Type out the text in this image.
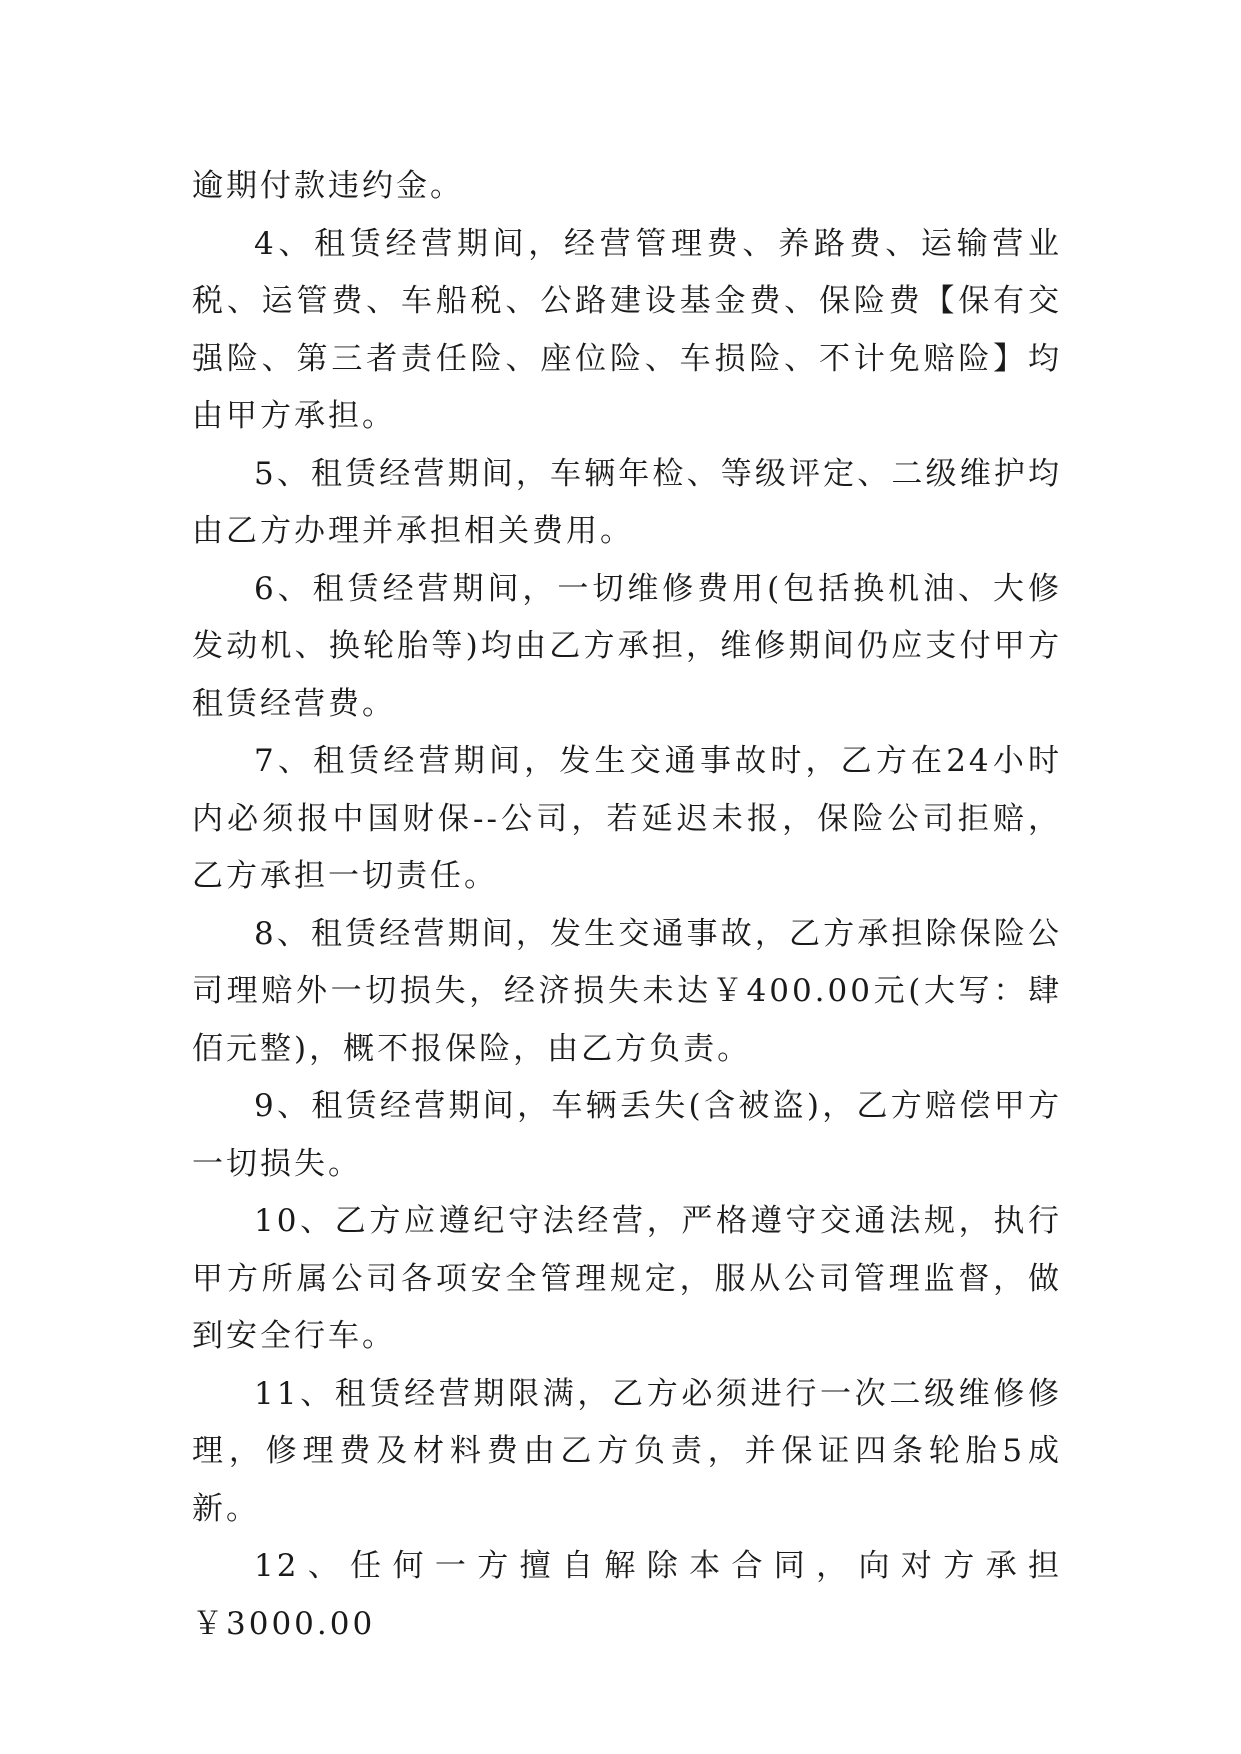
逾期付款违约金。

4、租赁经营期间，经营管理费、养路费、运输营业税、运管费、车船税、公路建设基金费、保险费【保有交强险、第三者责任险、座位险、车损险、不计免赔险】均由甲方承担。

5、租赁经营期间，车辆年检、等级评定、二级维护均由乙方办理并承担相关费用。

6、租赁经营期间，一切维修费用(包括换机油、大修发动机、换轮胎等)均由乙方承担，维修期间仍应支付甲方租赁经营费。

7、租赁经营期间，发生交通事故时，乙方在24小时内必须报中国财保--公司，若延迟未报，保险公司拒赔，乙方承担一切责任。

8、租赁经营期间，发生交通事故，乙方承担除保险公司理赔外一切损失，经济损失未达￥400.00元(大写：肆佰元整)，概不报保险，由乙方负责。

9、租赁经营期间，车辆丢失(含被盗)，乙方赔偿甲方一切损失。

10、乙方应遵纪守法经营，严格遵守交通法规，执行甲方所属公司各项安全管理规定，服从公司管理监督，做到安全行车。

11、租赁经营期限满，乙方必须进行一次二级维修修理，修理费及材料费由乙方负责，并保证四条轮胎5成新。

12、任何一方擅自解除本合同，向对方承担￥3000.00
